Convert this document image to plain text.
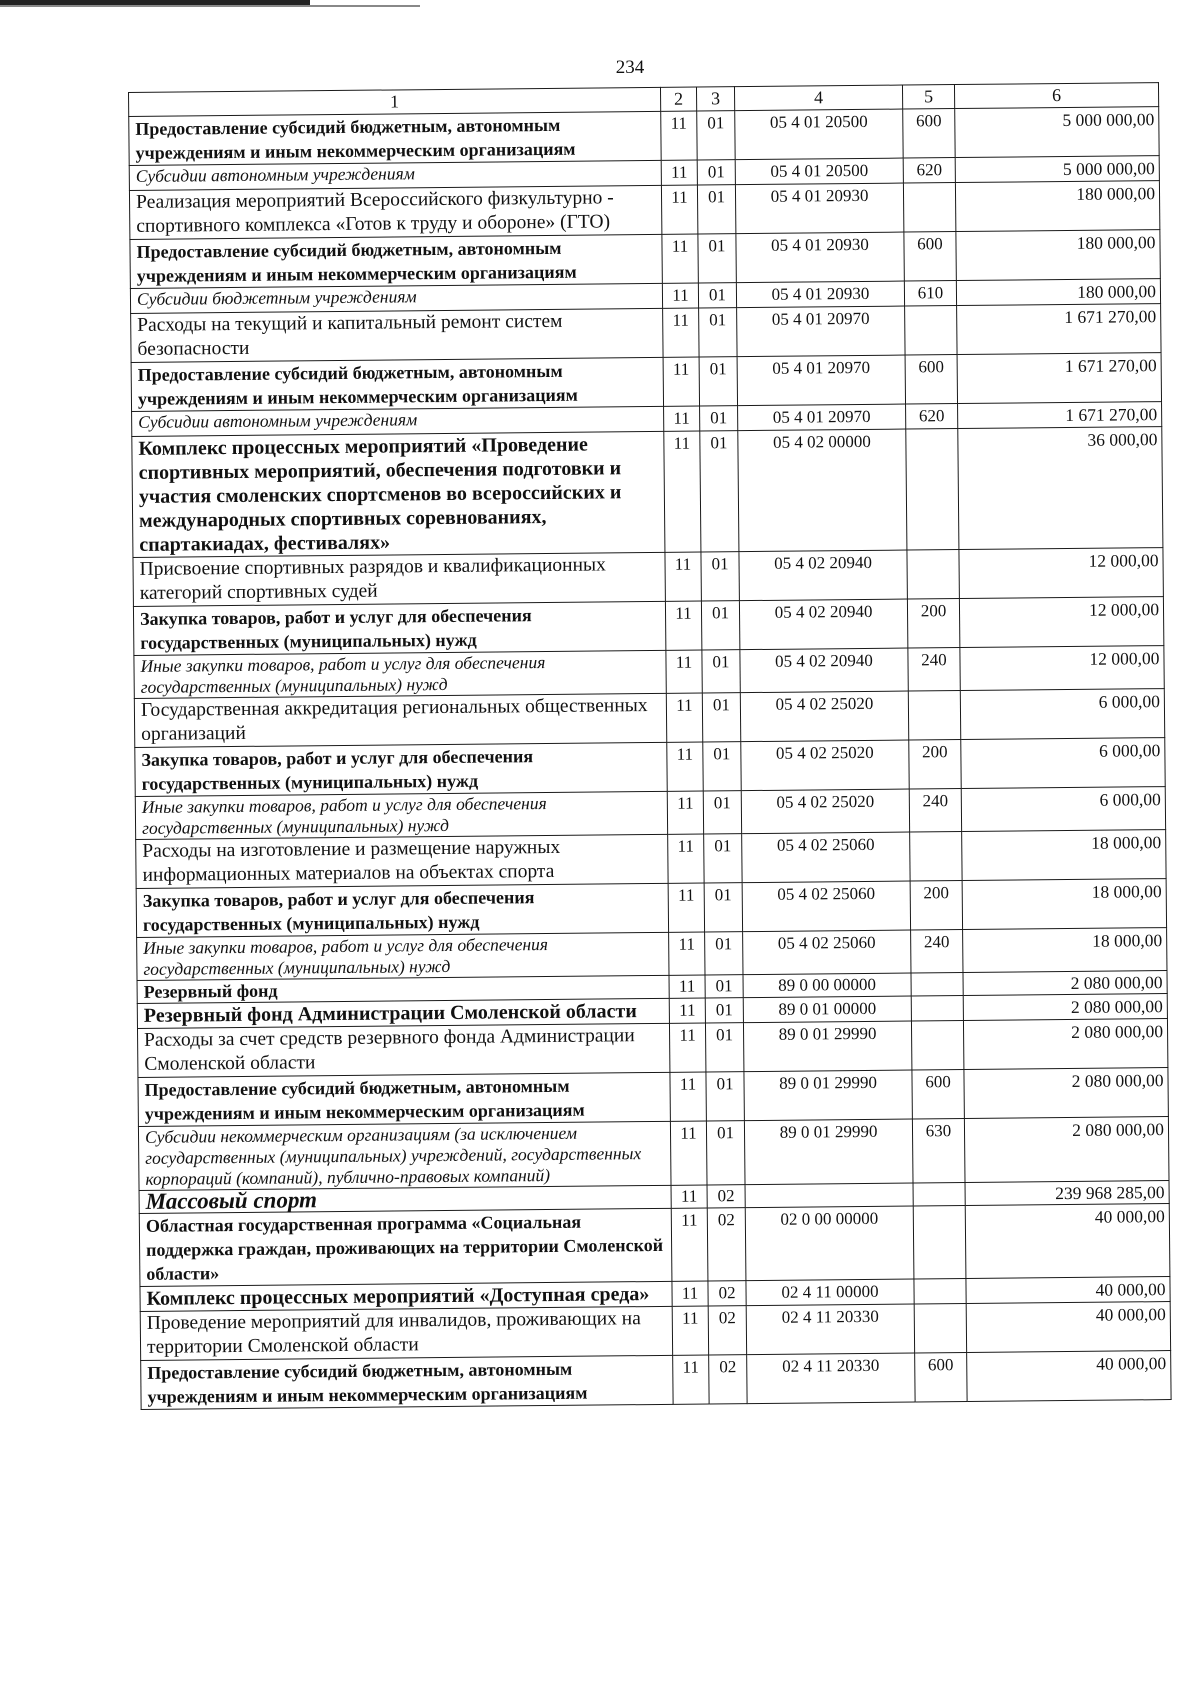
234
1	2	3	4	5	6
Предоставление субсидий бюджетным, автономным учреждениям и иным некоммерческим организациям	11	01	05 4 01 20500	600	5 000 000,00
Субсидии автономным учреждениям	11	01	05 4 01 20500	620	5 000 000,00
Реализация мероприятий Всероссийского физкультурно - спортивного комплекса «Готов к труду и обороне» (ГТО)	11	01	05 4 01 20930		180 000,00
Предоставление субсидий бюджетным, автономным учреждениям и иным некоммерческим организациям	11	01	05 4 01 20930	600	180 000,00
Субсидии бюджетным учреждениям	11	01	05 4 01 20930	610	180 000,00
Расходы на текущий и капитальный ремонт систем безопасности	11	01	05 4 01 20970		1 671 270,00
Предоставление субсидий бюджетным, автономным учреждениям и иным некоммерческим организациям	11	01	05 4 01 20970	600	1 671 270,00
Субсидии автономным учреждениям	11	01	05 4 01 20970	620	1 671 270,00
Комплекс процессных мероприятий «Проведение спортивных мероприятий, обеспечения подготовки и участия смоленских спортсменов во всероссийских и международных спортивных соревнованиях, спартакиадах, фестивалях»	11	01	05 4 02 00000		36 000,00
Присвоение спортивных разрядов и квалификационных категорий спортивных судей	11	01	05 4 02 20940		12 000,00
Закупка товаров, работ и услуг для обеспечения государственных (муниципальных) нужд	11	01	05 4 02 20940	200	12 000,00
Иные закупки товаров, работ и услуг для обеспечения государственных (муниципальных) нужд	11	01	05 4 02 20940	240	12 000,00
Государственная аккредитация региональных общественных организаций	11	01	05 4 02 25020		6 000,00
Закупка товаров, работ и услуг для обеспечения государственных (муниципальных) нужд	11	01	05 4 02 25020	200	6 000,00
Иные закупки товаров, работ и услуг для обеспечения государственных (муниципальных) нужд	11	01	05 4 02 25020	240	6 000,00
Расходы на изготовление и размещение наружных информационных материалов на объектах спорта	11	01	05 4 02 25060		18 000,00
Закупка товаров, работ и услуг для обеспечения государственных (муниципальных) нужд	11	01	05 4 02 25060	200	18 000,00
Иные закупки товаров, работ и услуг для обеспечения государственных (муниципальных) нужд	11	01	05 4 02 25060	240	18 000,00
Резервный фонд	11	01	89 0 00 00000		2 080 000,00
Резервный фонд Администрации Смоленской области	11	01	89 0 01 00000		2 080 000,00
Расходы за счет средств резервного фонда Администрации Смоленской области	11	01	89 0 01 29990		2 080 000,00
Предоставление субсидий бюджетным, автономным учреждениям и иным некоммерческим организациям	11	01	89 0 01 29990	600	2 080 000,00
Субсидии некоммерческим организациям (за исключением государственных (муниципальных) учреждений, государственных корпораций (компаний), публично-правовых компаний)	11	01	89 0 01 29990	630	2 080 000,00
Массовый спорт	11	02			239 968 285,00
Областная государственная программа «Социальная поддержка граждан, проживающих на территории Смоленской области»	11	02	02 0 00 00000		40 000,00
Комплекс процессных мероприятий «Доступная среда»	11	02	02 4 11 00000		40 000,00
Проведение мероприятий для инвалидов, проживающих на территории Смоленской области	11	02	02 4 11 20330		40 000,00
Предоставление субсидий бюджетным, автономным учреждениям и иным некоммерческим организациям	11	02	02 4 11 20330	600	40 000,00
